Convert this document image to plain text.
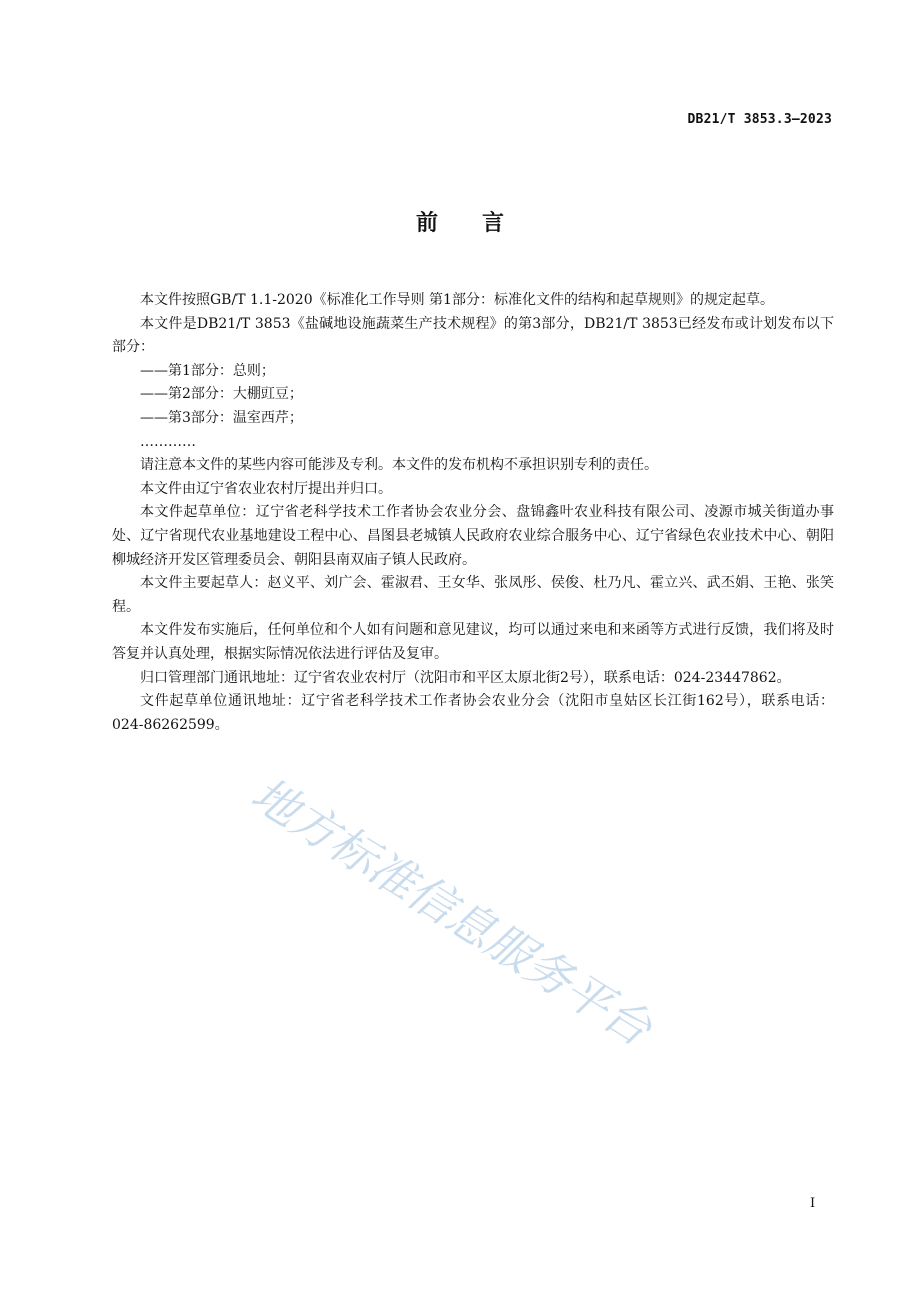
DB21/T 3853.3—2023
前言

本文件按照GB/T 1.1-2020《标准化工作导则 第1部分：标准化文件的结构和起草规则》的规定起草。

本文件是DB21/T 3853《盐碱地设施蔬菜生产技术规程》的第3部分，DB21/T 3853已经发布或计划发布以下部分：

——第1部分：总则；

——第2部分：大棚豇豆；

——第3部分：温室西芹；

…………

请注意本文件的某些内容可能涉及专利。本文件的发布机构不承担识别专利的责任。

本文件由辽宁省农业农村厅提出并归口。

本文件起草单位：辽宁省老科学技术工作者协会农业分会、盘锦鑫叶农业科技有限公司、凌源市城关街道办事处、辽宁省现代农业基地建设工程中心、昌图县老城镇人民政府农业综合服务中心、辽宁省绿色农业技术中心、朝阳柳城经济开发区管理委员会、朝阳县南双庙子镇人民政府。

本文件主要起草人：赵义平、刘广会、霍淑君、王女华、张凤彤、侯俊、杜乃凡、霍立兴、武丕娟、王艳、张笑程。

本文件发布实施后，任何单位和个人如有问题和意见建议，均可以通过来电和来函等方式进行反馈，我们将及时答复并认真处理，根据实际情况依法进行评估及复审。

归口管理部门通讯地址：辽宁省农业农村厅（沈阳市和平区太原北街2号），联系电话：024-23447862。

文件起草单位通讯地址：辽宁省老科学技术工作者协会农业分会（沈阳市皇姑区长江街162号），联系电话：024-86262599。

地方标准信息服务平台
I
